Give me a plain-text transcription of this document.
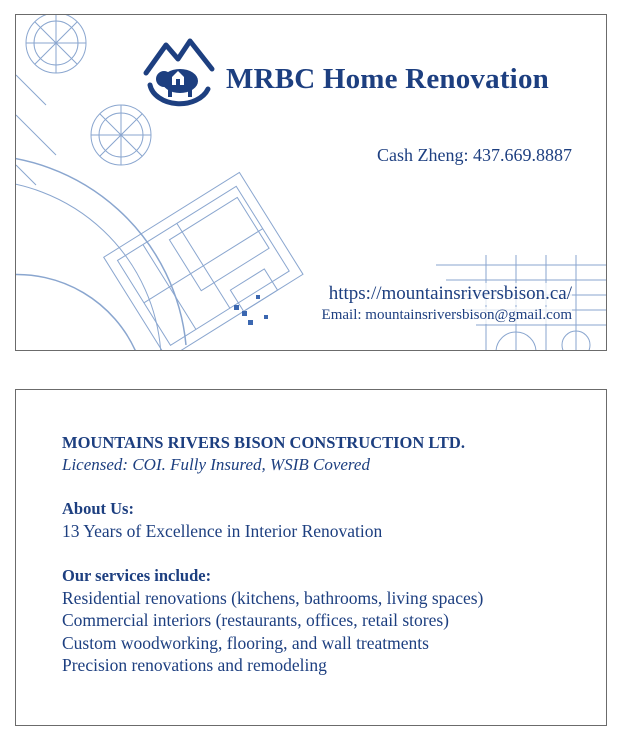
MRBC Home Renovation
Cash Zheng: 437.669.8887
https://mountainsriversbison.ca/
Email: mountainsriversbison@gmail.com
MOUNTAINS RIVERS BISON CONSTRUCTION LTD.
Licensed: COI. Fully Insured, WSIB Covered
About Us:
13 Years of Excellence in Interior Renovation
Our services include:
Residential renovations (kitchens, bathrooms, living spaces)
Commercial interiors (restaurants, offices, retail stores)
Custom woodworking, flooring, and wall treatments
Precision renovations and remodeling
